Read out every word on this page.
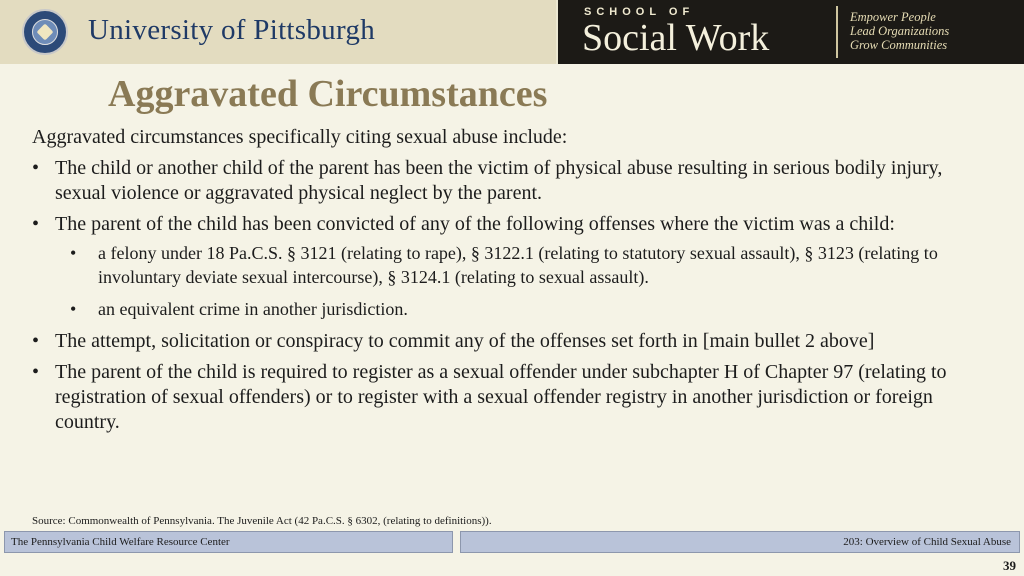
University of Pittsburgh
SCHOOL OF
Social Work	Empower People
Lead Organizations
Grow Communities
Aggravated Circumstances

Aggravated circumstances specifically citing sexual abuse include:

• The child or another child of the parent has been the victim of physical abuse resulting in serious bodily injury, sexual violence or aggravated physical neglect by the parent.
• The parent of the child has been convicted of any of the following offenses where the victim was a child:
• a felony under 18 Pa.C.S. § 3121 (relating to rape), § 3122.1 (relating to statutory sexual assault), § 3123 (relating to involuntary deviate sexual intercourse), § 3124.1 (relating to sexual assault).
• an equivalent crime in another jurisdiction.
• The attempt, solicitation or conspiracy to commit any of the offenses set forth in [main bullet 2 above]
• The parent of the child is required to register as a sexual offender under subchapter H of Chapter 97 (relating to registration of sexual offenders) or to register with a sexual offender registry in another jurisdiction or foreign country.
Source: Commonwealth of Pennsylvania. The Juvenile Act (42 Pa.C.S. § 6302, (relating to definitions)).
The Pennsylvania Child Welfare Resource Center	203: Overview of Child Sexual Abuse
39
